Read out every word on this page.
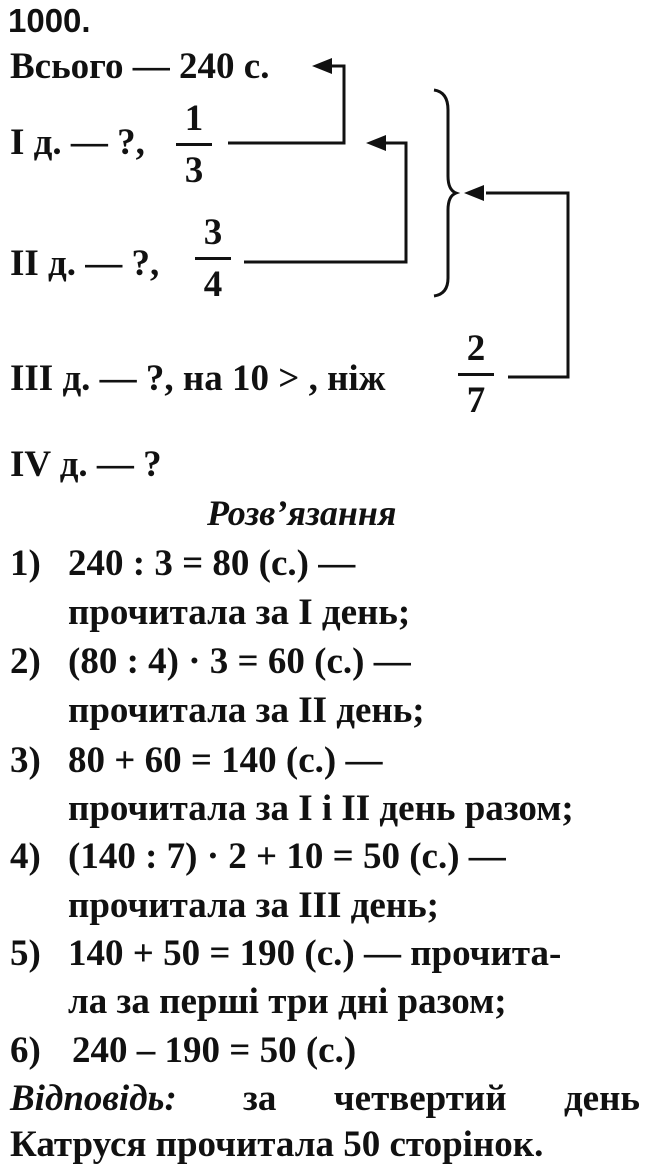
1000.
Всього — 240 с.
I д. — ?,
1
3
II д. — ?,
3
4
III д. — ?, на 10 > , ніж
2
7
IV д. — ?
Розв’язання
1) 240 : 3 = 80 (с.) —
прочитала за I день;
2) (80 : 4) · 3 = 60 (с.) —
прочитала за II день;
3) 80 + 60 = 140 (с.) —
прочитала за I і II день разом;
4) (140 : 7) · 2 + 10 = 50 (с.) —
прочитала за III день;
5) 140 + 50 = 190 (с.) — прочита-
ла за перші три дні разом;
6) 240 – 190 = 50 (с.)
Відповідь: за четвертий день
Катруся прочитала 50 сторінок.
